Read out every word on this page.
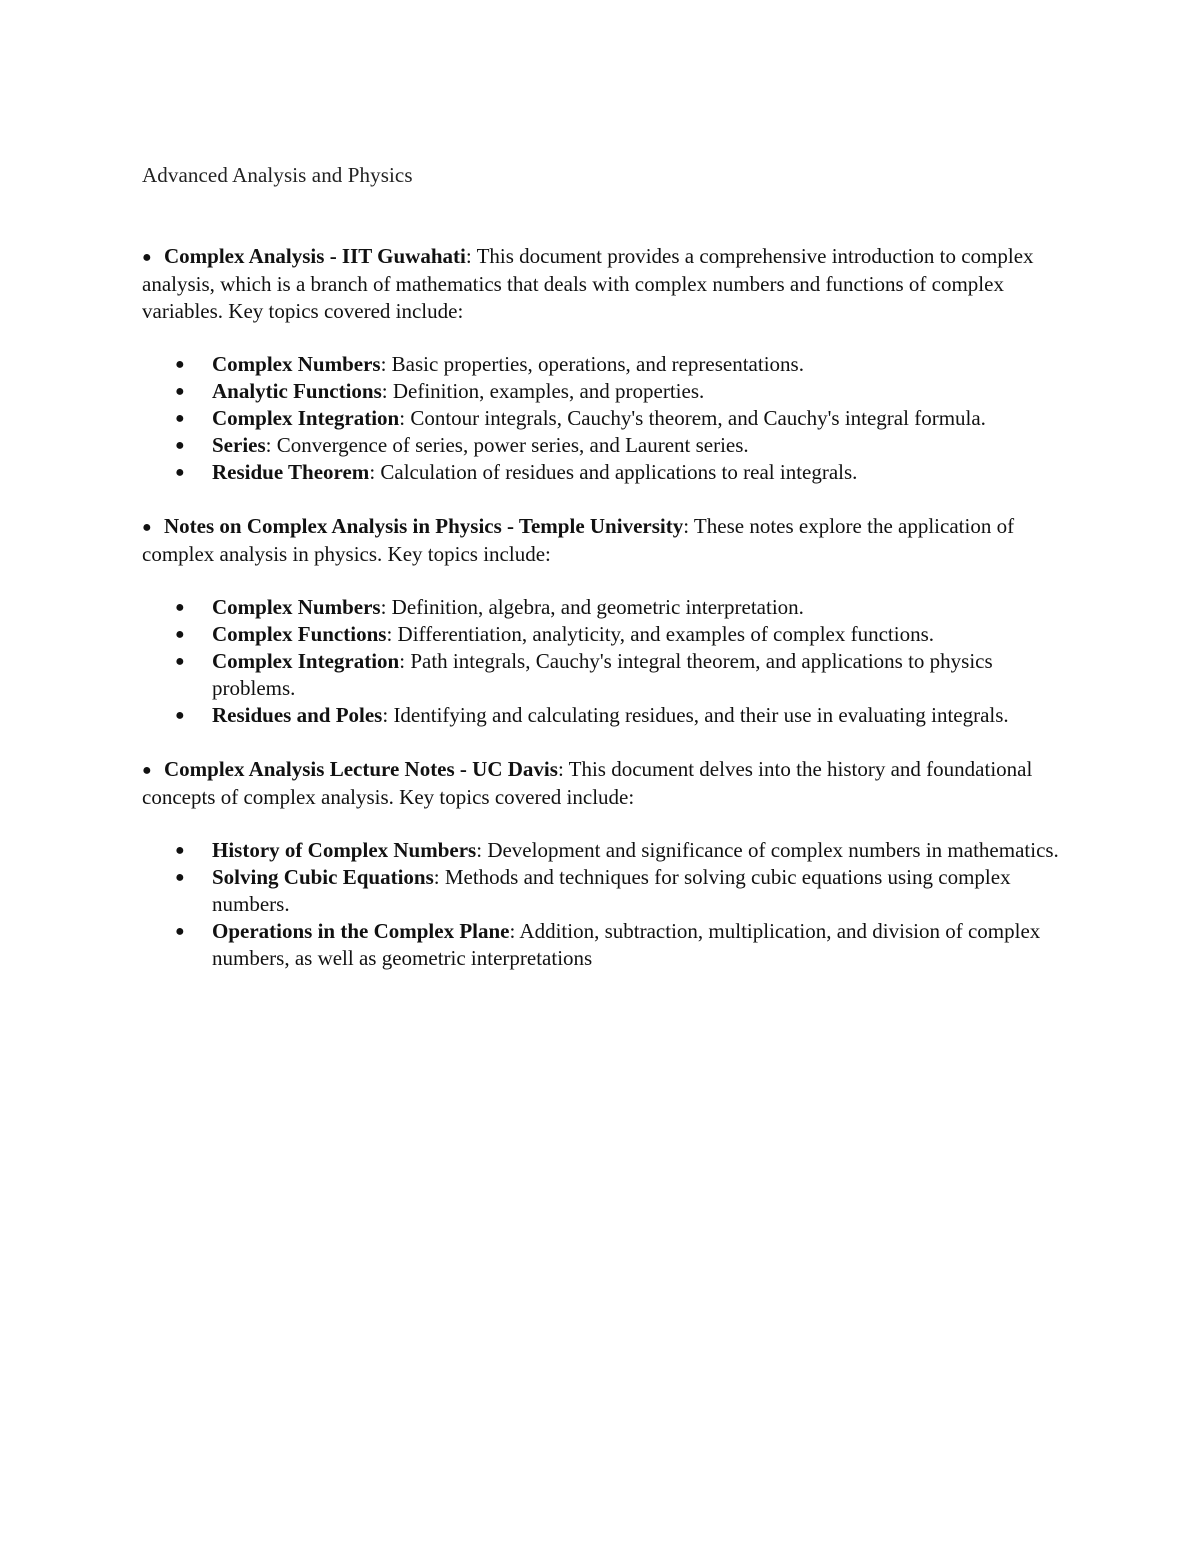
Advanced Analysis and Physics

● Complex Analysis - IIT Guwahati: This document provides a comprehensive introduction to complex analysis, which is a branch of mathematics that deals with complex numbers and functions of complex variables. Key topics covered include:

● Complex Numbers: Basic properties, operations, and representations.
● Analytic Functions: Definition, examples, and properties.
● Complex Integration: Contour integrals, Cauchy's theorem, and Cauchy's integral formula.
● Series: Convergence of series, power series, and Laurent series.
● Residue Theorem: Calculation of residues and applications to real integrals.

● Notes on Complex Analysis in Physics - Temple University: These notes explore the application of complex analysis in physics. Key topics include:

● Complex Numbers: Definition, algebra, and geometric interpretation.
● Complex Functions: Differentiation, analyticity, and examples of complex functions.
● Complex Integration: Path integrals, Cauchy's integral theorem, and applications to physics problems.
● Residues and Poles: Identifying and calculating residues, and their use in evaluating integrals.

● Complex Analysis Lecture Notes - UC Davis: This document delves into the history and foundational concepts of complex analysis. Key topics covered include:

● History of Complex Numbers: Development and significance of complex numbers in mathematics.
● Solving Cubic Equations: Methods and techniques for solving cubic equations using complex numbers.
● Operations in the Complex Plane: Addition, subtraction, multiplication, and division of complex numbers, as well as geometric interpretations
